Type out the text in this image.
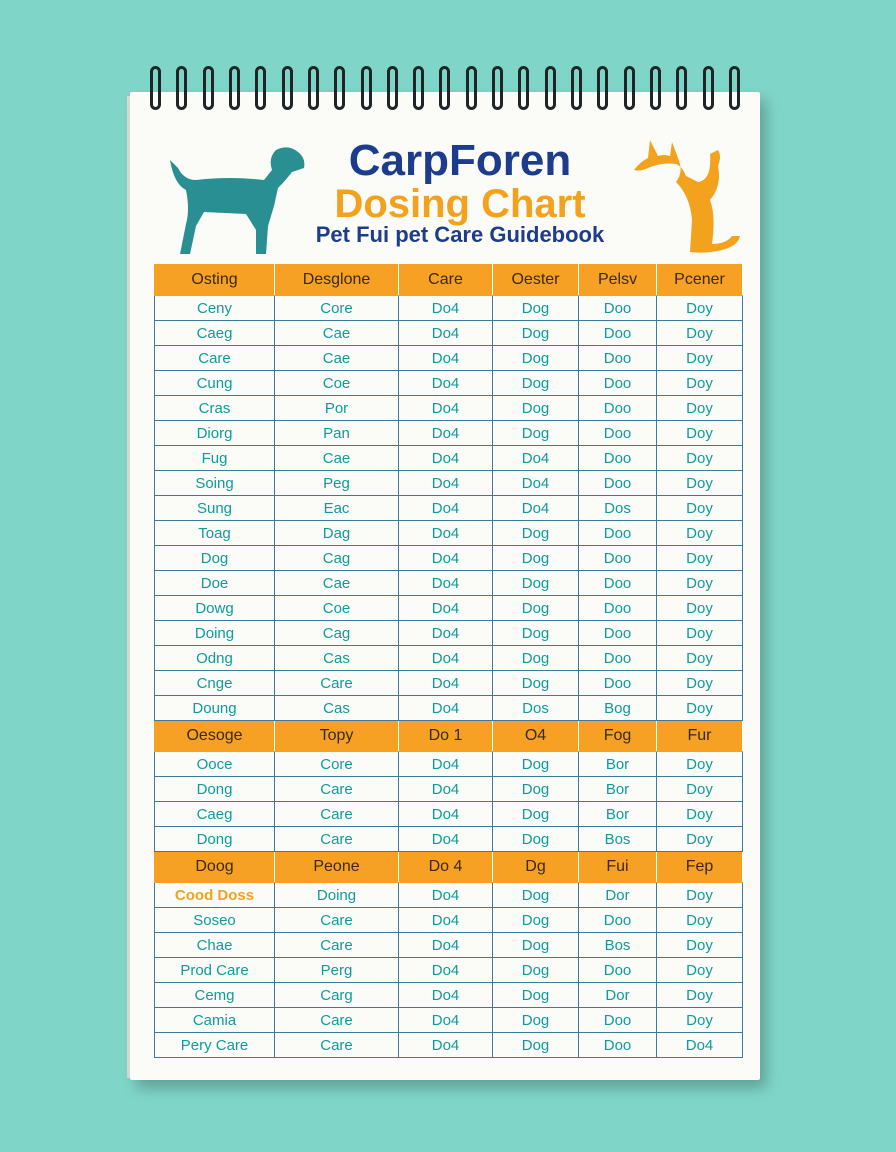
CarpForen
Dosing Chart
Pet Fui pet Care Guidebook
Osting	Desglone	Care	Oester	Pelsv	Pcener
Ceny	Core	Do4	Dog	Doo	Doy
Caeg	Cae	Do4	Dog	Doo	Doy
Care	Cae	Do4	Dog	Doo	Doy
Cung	Coe	Do4	Dog	Doo	Doy
Cras	Por	Do4	Dog	Doo	Doy
Diorg	Pan	Do4	Dog	Doo	Doy
Fug	Cae	Do4	Do4	Doo	Doy
Soing	Peg	Do4	Do4	Doo	Doy
Sung	Eac	Do4	Do4	Dos	Doy
Toag	Dag	Do4	Dog	Doo	Doy
Dog	Cag	Do4	Dog	Doo	Doy
Doe	Cae	Do4	Dog	Doo	Doy
Dowg	Coe	Do4	Dog	Doo	Doy
Doing	Cag	Do4	Dog	Doo	Doy
Odng	Cas	Do4	Dog	Doo	Doy
Cnge	Care	Do4	Dog	Doo	Doy
Doung	Cas	Do4	Dos	Bog	Doy
Oesoge	Topy	Do 1	O4	Fog	Fur
Ooce	Core	Do4	Dog	Bor	Doy
Dong	Care	Do4	Dog	Bor	Doy
Caeg	Care	Do4	Dog	Bor	Doy
Dong	Care	Do4	Dog	Bos	Doy
Doog	Peone	Do 4	Dg	Fui	Fep
Cood Doss	Doing	Do4	Dog	Dor	Doy
Soseo	Care	Do4	Dog	Doo	Doy
Chae	Care	Do4	Dog	Bos	Doy
Prod Care	Perg	Do4	Dog	Doo	Doy
Cemg	Carg	Do4	Dog	Dor	Doy
Camia	Care	Do4	Dog	Doo	Doy
Pery Care	Care	Do4	Dog	Doo	Do4
